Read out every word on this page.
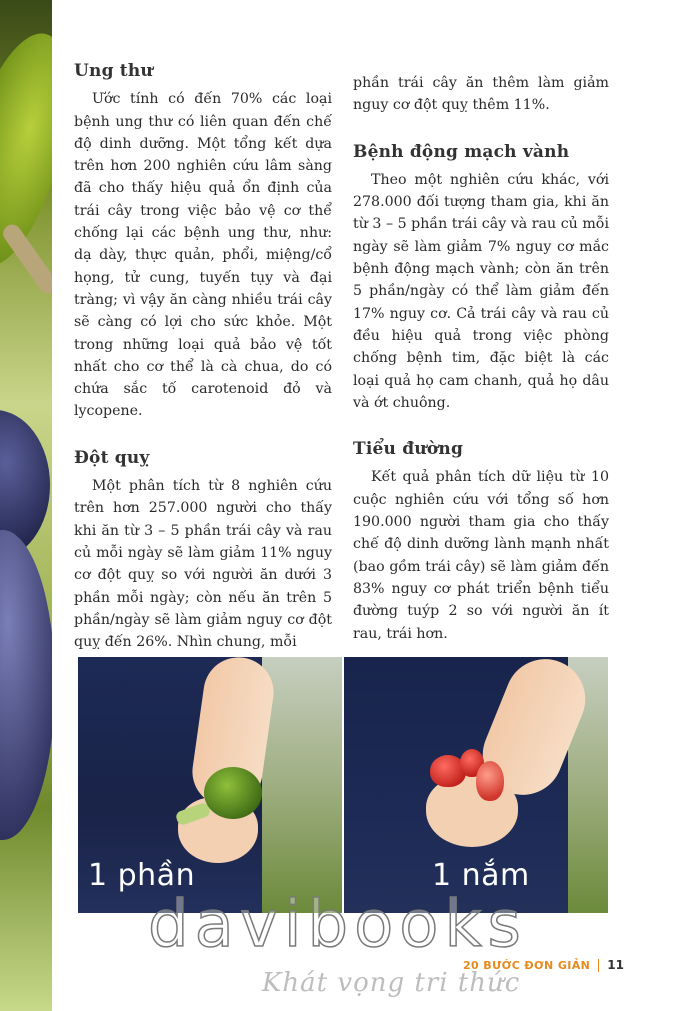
Ung thư

Ước tính có đến 70% các loại bệnh ung thư có liên quan đến chế độ dinh dưỡng. Một tổng kết dựa trên hơn 200 nghiên cứu lâm sàng đã cho thấy hiệu quả ổn định của trái cây trong việc bảo vệ cơ thể chống lại các bệnh ung thư, như: dạ dày, thực quản, phổi, miệng/cổ họng, tử cung, tuyến tụy và đại tràng; vì vậy ăn càng nhiều trái cây sẽ càng có lợi cho sức khỏe. Một trong những loại quả bảo vệ tốt nhất cho cơ thể là cà chua, do có chứa sắc tố carotenoid đỏ và lycopene.

Đột quỵ

Một phân tích từ 8 nghiên cứu trên hơn 257.000 người cho thấy khi ăn từ 3 – 5 phần trái cây và rau củ mỗi ngày sẽ làm giảm 11% nguy cơ đột quỵ so với người ăn dưới 3 phần mỗi ngày; còn nếu ăn trên 5 phần/ngày sẽ làm giảm nguy cơ đột quỵ đến 26%. Nhìn chung, mỗi

phần trái cây ăn thêm làm giảm nguy cơ đột quỵ thêm 11%.

Bệnh động mạch vành

Theo một nghiên cứu khác, với 278.000 đối tượng tham gia, khi ăn từ 3 – 5 phần trái cây và rau củ mỗi ngày sẽ làm giảm 7% nguy cơ mắc bệnh động mạch vành; còn ăn trên 5 phần/ngày có thể làm giảm đến 17% nguy cơ. Cả trái cây và rau củ đều hiệu quả trong việc phòng chống bệnh tim, đặc biệt là các loại quả họ cam chanh, quả họ dâu và ớt chuông.

Tiểu đường

Kết quả phân tích dữ liệu từ 10 cuộc nghiên cứu với tổng số hơn 190.000 người tham gia cho thấy chế độ dinh dưỡng lành mạnh nhất (bao gồm trái cây) sẽ làm giảm đến 83% nguy cơ phát triển bệnh tiểu đường tuýp 2 so với người ăn ít rau, trái hơn.

1 phần	1 nắm
davibooks
Khát vọng tri thức
20 BƯỚC ĐƠN GIẢN	11
